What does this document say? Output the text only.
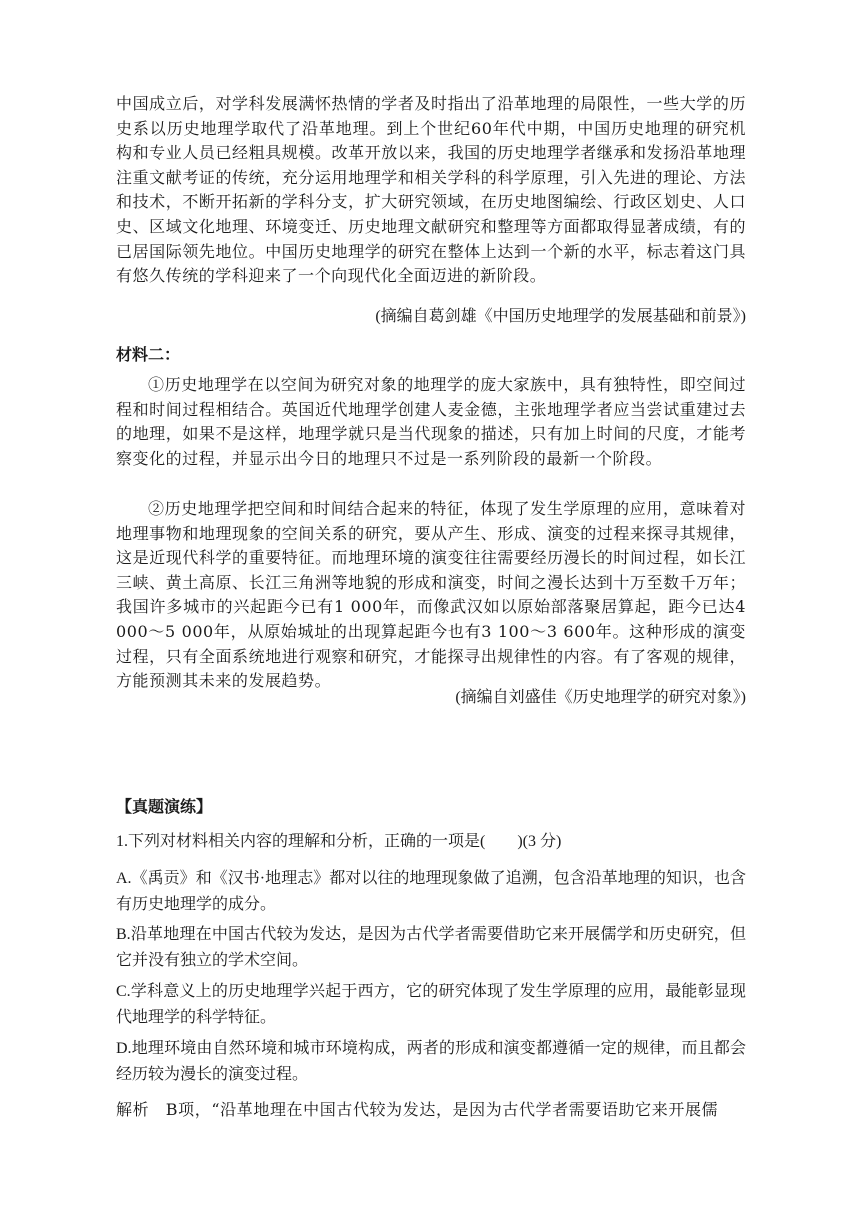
中国成立后，对学科发展满怀热情的学者及时指出了沿革地理的局限性，一些大学的历史系以历史地理学取代了沿革地理。到上个世纪60年代中期，中国历史地理的研究机构和专业人员已经粗具规模。改革开放以来，我国的历史地理学者继承和发扬沿革地理注重文献考证的传统，充分运用地理学和相关学科的科学原理，引入先进的理论、方法和技术，不断开拓新的学科分支，扩大研究领域，在历史地图编绘、行政区划史、人口史、区域文化地理、环境变迁、历史地理文献研究和整理等方面都取得显著成绩，有的已居国际领先地位。中国历史地理学的研究在整体上达到一个新的水平，标志着这门具有悠久传统的学科迎来了一个向现代化全面迈进的新阶段。

(摘编自葛剑雄《中国历史地理学的发展基础和前景》)

材料二：

①历史地理学在以空间为研究对象的地理学的庞大家族中，具有独特性，即空间过程和时间过程相结合。英国近代地理学创建人麦金德，主张地理学者应当尝试重建过去的地理，如果不是这样，地理学就只是当代现象的描述，只有加上时间的尺度，才能考察变化的过程，并显示出今日的地理只不过是一系列阶段的最新一个阶段。

②历史地理学把空间和时间结合起来的特征，体现了发生学原理的应用，意味着对地理事物和地理现象的空间关系的研究，要从产生、形成、演变的过程来探寻其规律，这是近现代科学的重要特征。而地理环境的演变往往需要经历漫长的时间过程，如长江三峡、黄土高原、长江三角洲等地貌的形成和演变，时间之漫长达到十万至数千万年；我国许多城市的兴起距今已有1 000年，而像武汉如以原始部落聚居算起，距今已达4 000～5 000年，从原始城址的出现算起距今也有3 100～3 600年。这种形成的演变过程，只有全面系统地进行观察和研究，才能探寻出规律性的内容。有了客观的规律，方能预测其未来的发展趋势。

(摘编自刘盛佳《历史地理学的研究对象》)

【真题演练】

1.下列对材料相关内容的理解和分析，正确的一项是(　　)(3 分)
A.《禹贡》和《汉书·地理志》都对以往的地理现象做了追溯，包含沿革地理的知识，也含有历史地理学的成分。
B.沿革地理在中国古代较为发达，是因为古代学者需要借助它来开展儒学和历史研究，但它并没有独立的学术空间。
C.学科意义上的历史地理学兴起于西方，它的研究体现了发生学原理的应用，最能彰显现代地理学的科学特征。
D.地理环境由自然环境和城市环境构成，两者的形成和演变都遵循一定的规律，而且都会经历较为漫长的演变过程。
解析　B项，“沿革地理在中国古代较为发达，是因为古代学者需要语助它来开展儒
